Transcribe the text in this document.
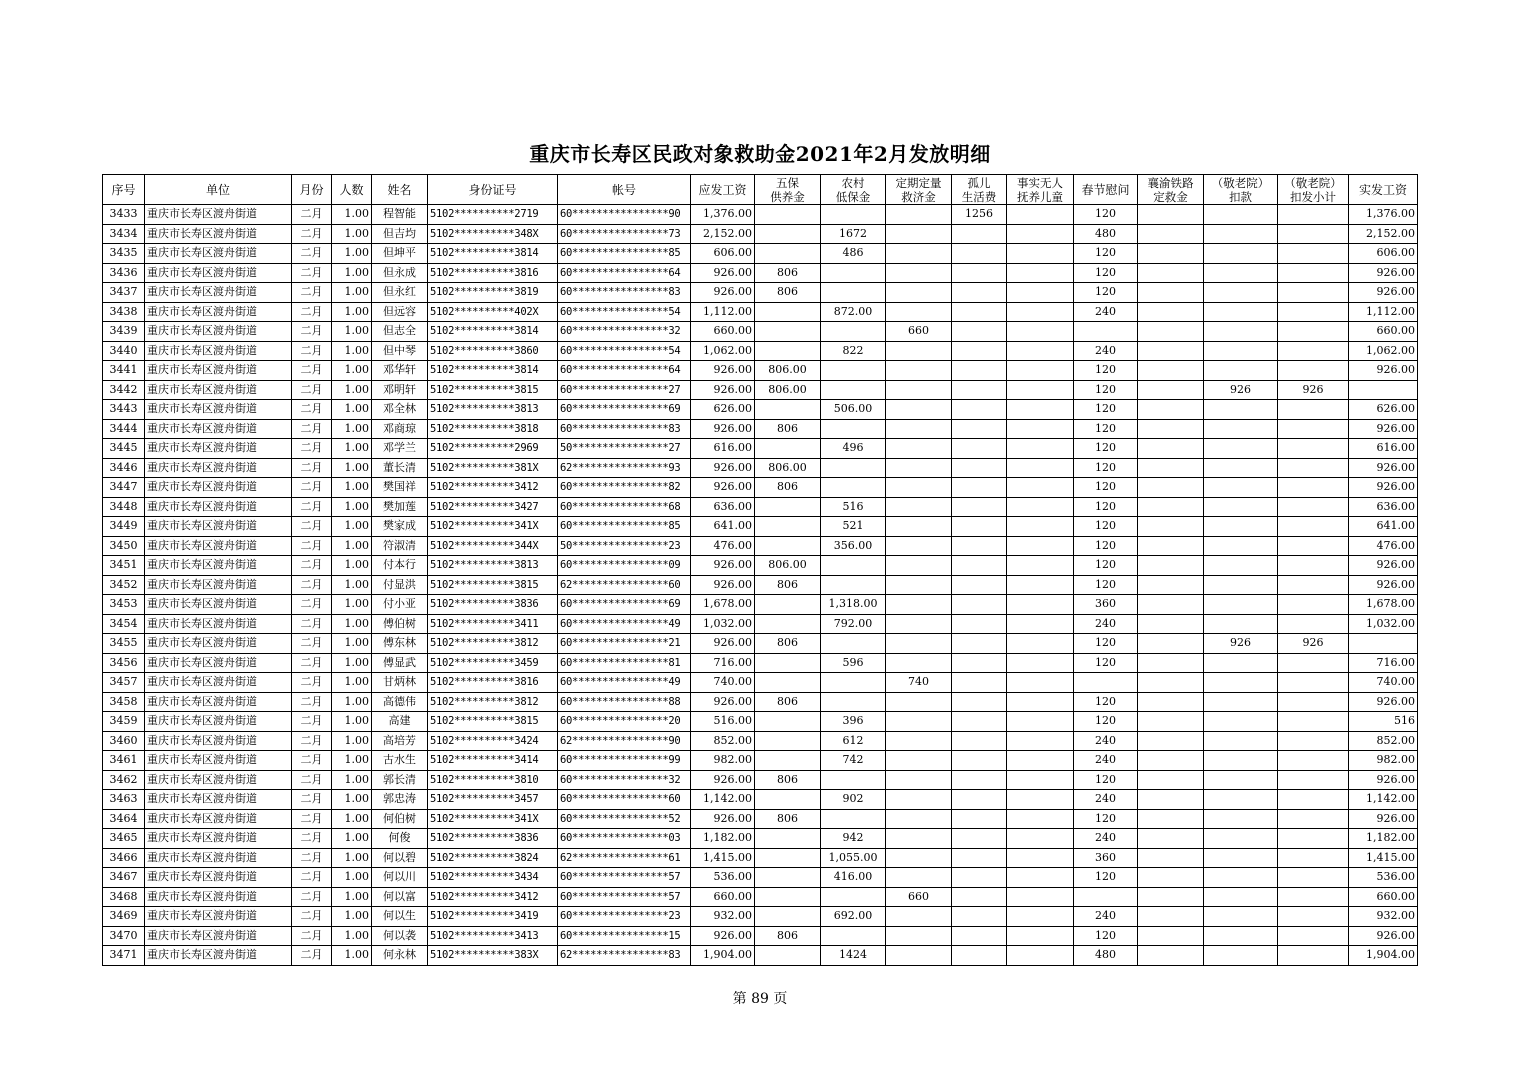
重庆市长寿区民政对象救助金2021年2月发放明细
序号	单位	月份	人数	姓名	身份证号	帐号	应发工资	五保
供养金	农村
低保金	定期定量
救济金	孤儿
生活费	事实无人
抚养儿童	春节慰问	襄渝铁路
定救金	（敬老院）
扣款	（敬老院）
扣发小计	实发工资
3433	重庆市长寿区渡舟街道	二月	1.00	程智能	5102**********2719	60****************90	1,376.00				1256		120				1,376.00
3434	重庆市长寿区渡舟街道	二月	1.00	但吉均	5102**********348X	60****************73	2,152.00		1672				480				2,152.00
3435	重庆市长寿区渡舟街道	二月	1.00	但坤平	5102**********3814	60****************85	606.00		486				120				606.00
3436	重庆市长寿区渡舟街道	二月	1.00	但永成	5102**********3816	60****************64	926.00	806					120				926.00
3437	重庆市长寿区渡舟街道	二月	1.00	但永红	5102**********3819	60****************83	926.00	806					120				926.00
3438	重庆市长寿区渡舟街道	二月	1.00	但远容	5102**********402X	60****************54	1,112.00		872.00				240				1,112.00
3439	重庆市长寿区渡舟街道	二月	1.00	但志全	5102**********3814	60****************32	660.00			660							660.00
3440	重庆市长寿区渡舟街道	二月	1.00	但中琴	5102**********3860	60****************54	1,062.00		822				240				1,062.00
3441	重庆市长寿区渡舟街道	二月	1.00	邓华轩	5102**********3814	60****************64	926.00	806.00					120				926.00
3442	重庆市长寿区渡舟街道	二月	1.00	邓明轩	5102**********3815	60****************27	926.00	806.00					120		926	926	
3443	重庆市长寿区渡舟街道	二月	1.00	邓全林	5102**********3813	60****************69	626.00		506.00				120				626.00
3444	重庆市长寿区渡舟街道	二月	1.00	邓商琼	5102**********3818	60****************83	926.00	806					120				926.00
3445	重庆市长寿区渡舟街道	二月	1.00	邓学兰	5102**********2969	50****************27	616.00		496				120				616.00
3446	重庆市长寿区渡舟街道	二月	1.00	董长清	5102**********381X	62****************93	926.00	806.00					120				926.00
3447	重庆市长寿区渡舟街道	二月	1.00	樊国祥	5102**********3412	60****************82	926.00	806					120				926.00
3448	重庆市长寿区渡舟街道	二月	1.00	樊加莲	5102**********3427	60****************68	636.00		516				120				636.00
3449	重庆市长寿区渡舟街道	二月	1.00	樊家成	5102**********341X	60****************85	641.00		521				120				641.00
3450	重庆市长寿区渡舟街道	二月	1.00	符淑清	5102**********344X	50****************23	476.00		356.00				120				476.00
3451	重庆市长寿区渡舟街道	二月	1.00	付本行	5102**********3813	60****************09	926.00	806.00					120				926.00
3452	重庆市长寿区渡舟街道	二月	1.00	付显洪	5102**********3815	62****************60	926.00	806					120				926.00
3453	重庆市长寿区渡舟街道	二月	1.00	付小亚	5102**********3836	60****************69	1,678.00		1,318.00				360				1,678.00
3454	重庆市长寿区渡舟街道	二月	1.00	傅伯树	5102**********3411	60****************49	1,032.00		792.00				240				1,032.00
3455	重庆市长寿区渡舟街道	二月	1.00	傅东林	5102**********3812	60****************21	926.00	806					120		926	926	
3456	重庆市长寿区渡舟街道	二月	1.00	傅显武	5102**********3459	60****************81	716.00		596				120				716.00
3457	重庆市长寿区渡舟街道	二月	1.00	甘炳林	5102**********3816	60****************49	740.00			740							740.00
3458	重庆市长寿区渡舟街道	二月	1.00	高德伟	5102**********3812	60****************88	926.00	806					120				926.00
3459	重庆市长寿区渡舟街道	二月	1.00	高建	5102**********3815	60****************20	516.00		396				120				516
3460	重庆市长寿区渡舟街道	二月	1.00	高培芳	5102**********3424	62****************90	852.00		612				240				852.00
3461	重庆市长寿区渡舟街道	二月	1.00	古水生	5102**********3414	60****************99	982.00		742				240				982.00
3462	重庆市长寿区渡舟街道	二月	1.00	郭长清	5102**********3810	60****************32	926.00	806					120				926.00
3463	重庆市长寿区渡舟街道	二月	1.00	郭忠涛	5102**********3457	60****************60	1,142.00		902				240				1,142.00
3464	重庆市长寿区渡舟街道	二月	1.00	何伯树	5102**********341X	60****************52	926.00	806					120				926.00
3465	重庆市长寿区渡舟街道	二月	1.00	何俊	5102**********3836	60****************03	1,182.00		942				240				1,182.00
3466	重庆市长寿区渡舟街道	二月	1.00	何以碧	5102**********3824	62****************61	1,415.00		1,055.00				360				1,415.00
3467	重庆市长寿区渡舟街道	二月	1.00	何以川	5102**********3434	60****************57	536.00		416.00				120				536.00
3468	重庆市长寿区渡舟街道	二月	1.00	何以富	5102**********3412	60****************57	660.00			660							660.00
3469	重庆市长寿区渡舟街道	二月	1.00	何以生	5102**********3419	60****************23	932.00		692.00				240				932.00
3470	重庆市长寿区渡舟街道	二月	1.00	何以袭	5102**********3413	60****************15	926.00	806					120				926.00
3471	重庆市长寿区渡舟街道	二月	1.00	何永林	5102**********383X	62****************83	1,904.00		1424				480				1,904.00
第 89 页
